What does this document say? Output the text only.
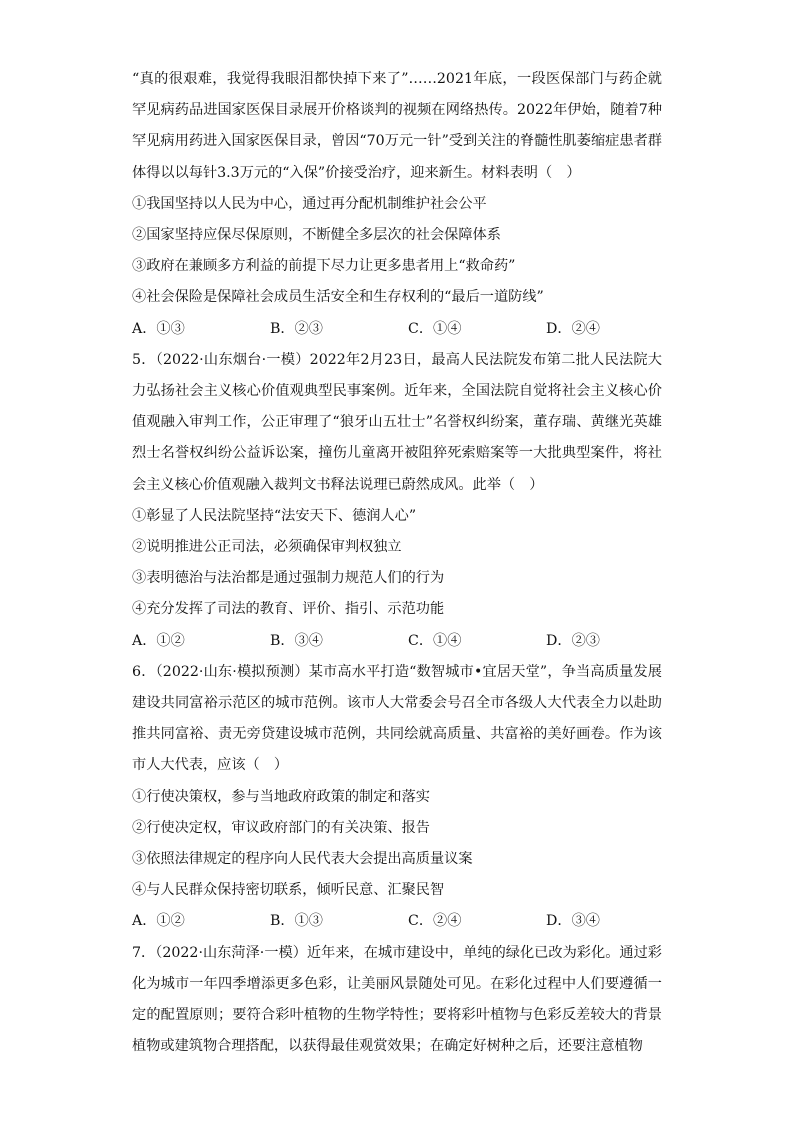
“真的很艰难，我觉得我眼泪都快掉下来了”……2021年底，一段医保部门与药企就罕见病药品进国家医保目录展开价格谈判的视频在网络热传。2022年伊始，随着7种罕见病用药进入国家医保目录，曾因“70万元一针”受到关注的脊髓性肌萎缩症患者群体得以以每针3.3万元的“入保”价接受治疗，迎来新生。材料表明（　）

①我国坚持以人民为中心，通过再分配机制维护社会公平

②国家坚持应保尽保原则，不断健全多层次的社会保障体系

③政府在兼顾多方利益的前提下尽力让更多患者用上“救命药”

④社会保险是保障社会成员生活安全和生存权利的“最后一道防线”

A．①③	B．②③	C．①④	D．②④

5．（2022·山东烟台·一模）2022年2月23日，最高人民法院发布第二批人民法院大力弘扬社会主义核心价值观典型民事案例。近年来，全国法院自觉将社会主义核心价值观融入审判工作，公正审理了“狼牙山五壮士”名誉权纠纷案，董存瑞、黄继光英雄烈士名誉权纠纷公益诉讼案，撞伤儿童离开被阻猝死索赔案等一大批典型案件，将社会主义核心价值观融入裁判文书释法说理已蔚然成风。此举（　）

①彰显了人民法院坚持“法安天下、德润人心”

②说明推进公正司法，必须确保审判权独立

③表明德治与法治都是通过强制力规范人们的行为

④充分发挥了司法的教育、评价、指引、示范功能

A．①②	B．③④	C．①④	D．②③

6．（2022·山东·模拟预测）某市高水平打造“数智城市•宜居天堂”，争当高质量发展建设共同富裕示范区的城市范例。该市人大常委会号召全市各级人大代表全力以赴助推共同富裕、责无旁贷建设城市范例，共同绘就高质量、共富裕的美好画卷。作为该市人大代表，应该（　）

①行使决策权，参与当地政府政策的制定和落实

②行使决定权，审议政府部门的有关决策、报告

③依照法律规定的程序向人民代表大会提出高质量议案

④与人民群众保持密切联系，倾听民意、汇聚民智

A．①②	B．①③	C．②④	D．③④

7．（2022·山东菏泽·一模）近年来，在城市建设中，单纯的绿化已改为彩化。通过彩化为城市一年四季增添更多色彩，让美丽风景随处可见。在彩化过程中人们要遵循一定的配置原则；要符合彩叶植物的生物学特性；要将彩叶植物与色彩反差较大的背景植物或建筑物合理搭配，以获得最佳观赏效果；在确定好树种之后，还要注意植物
